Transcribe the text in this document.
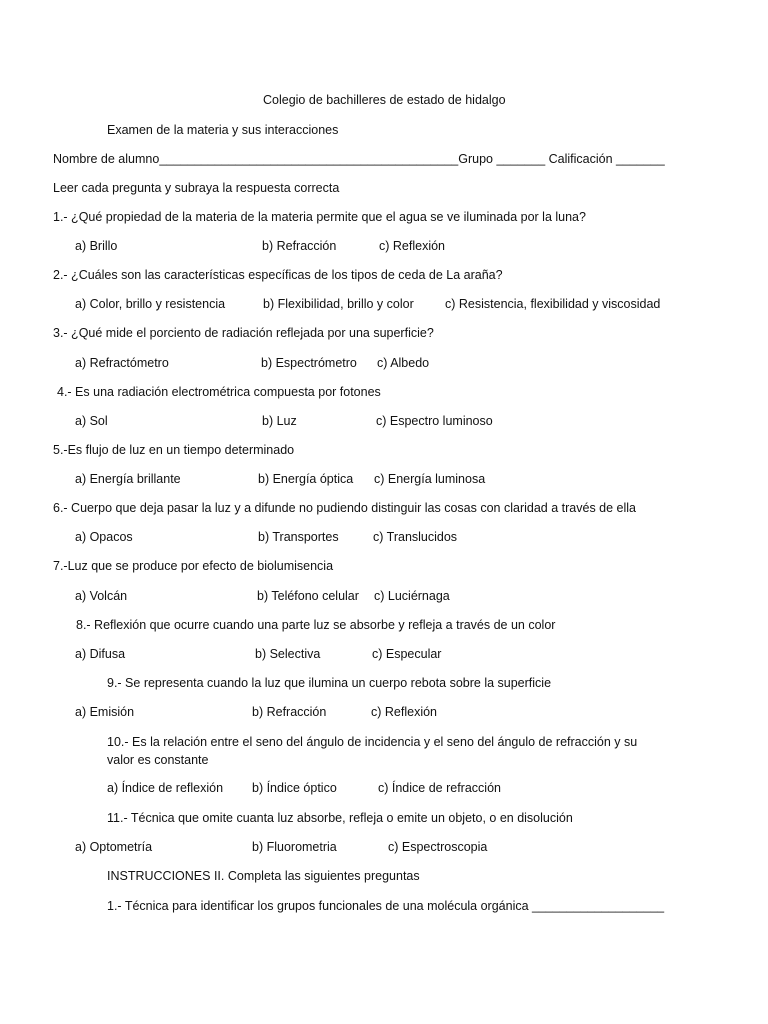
Colegio de bachilleres de estado de hidalgo
Examen de la materia y sus interacciones
Nombre de alumno___________________________________________Grupo _______ Calificación _______
Leer cada pregunta y subraya la respuesta correcta
1.- ¿Qué propiedad de la materia de la materia permite que el agua se ve iluminada por la luna?
a) Brillo	b) Refracción	c) Reflexión
2.- ¿Cuáles son las características específicas de los tipos de ceda de La araña?
a) Color, brillo y resistencia	b) Flexibilidad, brillo y color c) Resistencia, flexibilidad y viscosidad
3.- ¿Qué mide el porciento de radiación reflejada por una superficie?
a) Refractómetro	b) Espectrómetro c) Albedo
4.- Es una radiación electrométrica compuesta por fotones
a) Sol	b) Luz	c) Espectro luminoso
5.-Es flujo de luz en un tiempo determinado
a) Energía brillante	b) Energía óptica c) Energía luminosa
6.- Cuerpo que deja pasar la luz y a difunde no pudiendo distinguir las cosas con claridad a través de ella
a) Opacos	b) Transportes	c) Translucidos
7.-Luz que se produce por efecto de biolumisencia
a) Volcán	b) Teléfono celular c) Luciérnaga
8.- Reflexión que ocurre cuando una parte luz se absorbe y refleja a través de un color
a) Difusa	b) Selectiva	c) Especular
9.- Se representa cuando la luz que ilumina un cuerpo rebota sobre la superficie
a) Emisión	b) Refracción	c) Reflexión
10.- Es la relación entre el seno del ángulo de incidencia y el seno del ángulo de refracción y su valor es constante
a) Índice de reflexión b) Índice óptico	c) Índice de refracción
11.- Técnica que omite cuanta luz absorbe, refleja o emite un objeto, o en disolución
a) Optometría	b) Fluorometria	c) Espectroscopia
INSTRUCCIONES II. Completa las siguientes preguntas
1.- Técnica para identificar los grupos funcionales de una molécula orgánica ___________________
